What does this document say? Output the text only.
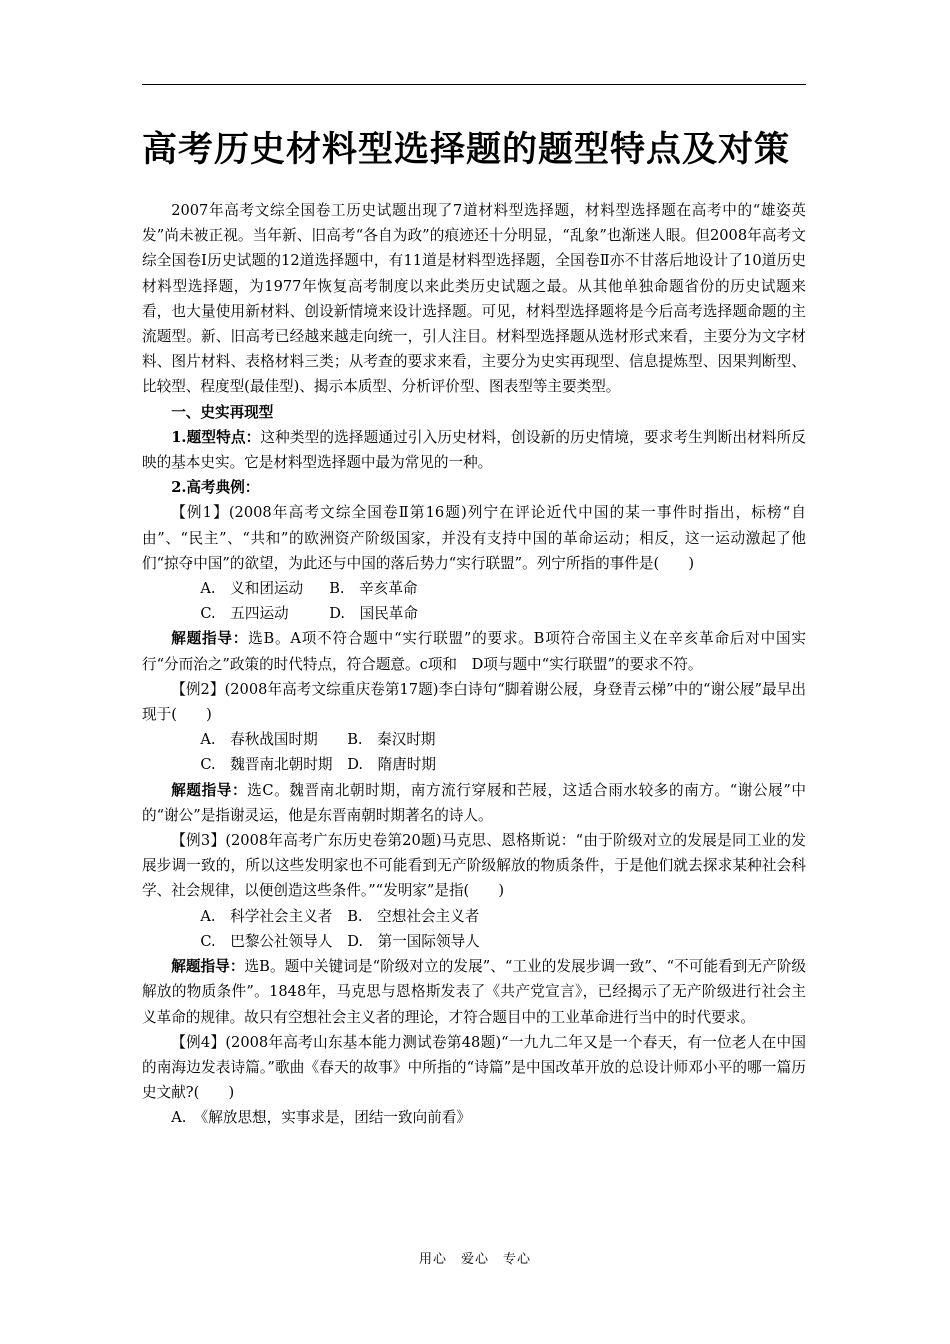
高考历史材料型选择题的题型特点及对策

2007年高考文综全国卷工历史试题出现了7道材料型选择题，材料型选择题在高考中的“雄姿英发”尚未被正视。当年新、旧高考“各自为政”的痕迹还十分明显，“乱象”也渐迷人眼。但2008年高考文综全国卷Ⅰ历史试题的12道选择题中，有11道是材料型选择题，全国卷Ⅱ亦不甘落后地设计了10道历史材料型选择题，为1977年恢复高考制度以来此类历史试题之最。从其他单独命题省份的历史试题来看，也大量使用新材料、创设新情境来设计选择题。可见，材料型选择题将是今后高考选择题命题的主流题型。新、旧高考已经越来越走向统一，引人注目。材料型选择题从选材形式来看，主要分为文字材料、图片材料、表格材料三类；从考查的要求来看，主要分为史实再现型、信息提炼型、因果判断型、比较型、程度型(最佳型)、揭示本质型、分析评价型、图表型等主要类型。

一、史实再现型

1.题型特点：这种类型的选择题通过引入历史材料，创设新的历史情境，要求考生判断出材料所反映的基本史实。它是材料型选择题中最为常见的一种。

2.高考典例：

【例1】(2008年高考文综全国卷Ⅱ第16题)列宁在评论近代中国的某一事件时指出，标榜“自由”、“民主”、“共和”的欧洲资产阶级国家，并没有支持中国的革命运动；相反，这一运动激起了他们“掠夺中国”的欲望，为此还与中国的落后势力“实行联盟”。列宁所指的事件是(　　)

A.　义和团运动 B.　辛亥革命

C.　五四运动	D.　国民革命

解题指导：选B。A项不符合题中“实行联盟”的要求。B项符合帝国主义在辛亥革命后对中国实行“分而治之”政策的时代特点，符合题意。c项和　D项与题中“实行联盟”的要求不符。

【例2】(2008年高考文综重庆卷第17题)李白诗句“脚着谢公屐，身登青云梯”中的“谢公屐”最早出现于(　　)

A.　春秋战国时期 B.　秦汉时期

C.　魏晋南北朝时期 D.　隋唐时期

解题指导：选C。魏晋南北朝时期，南方流行穿屐和芒屐，这适合雨水较多的南方。“谢公屐”中的“谢公”是指谢灵运，他是东晋南朝时期著名的诗人。

【例3】(2008年高考广东历史卷第20题)马克思、恩格斯说：“由于阶级对立的发展是同工业的发展步调一致的，所以这些发明家也不可能看到无产阶级解放的物质条件，于是他们就去探求某种社会科学、社会规律，以便创造这些条件。”“发明家”是指(　　)

A.　科学社会主义者 B.　空想社会主义者

C.　巴黎公社领导人 D.　第一国际领导人

解题指导：选B。题中关键词是“阶级对立的发展”、“工业的发展步调一致”、“不可能看到无产阶级解放的物质条件”。1848年，马克思与恩格斯发表了《共产党宣言》，已经揭示了无产阶级进行社会主义革命的规律。故只有空想社会主义者的理论，才符合题目中的工业革命进行当中的时代要求。

【例4】(2008年高考山东基本能力测试卷第48题)“一九九二年又是一个春天，有一位老人在中国的南海边发表诗篇。”歌曲《春天的故事》中所指的“诗篇”是中国改革开放的总设计师邓小平的哪一篇历史文献?(　　)

A.　《解放思想，实事求是，团结一致向前看》

用心　爱心　专心
